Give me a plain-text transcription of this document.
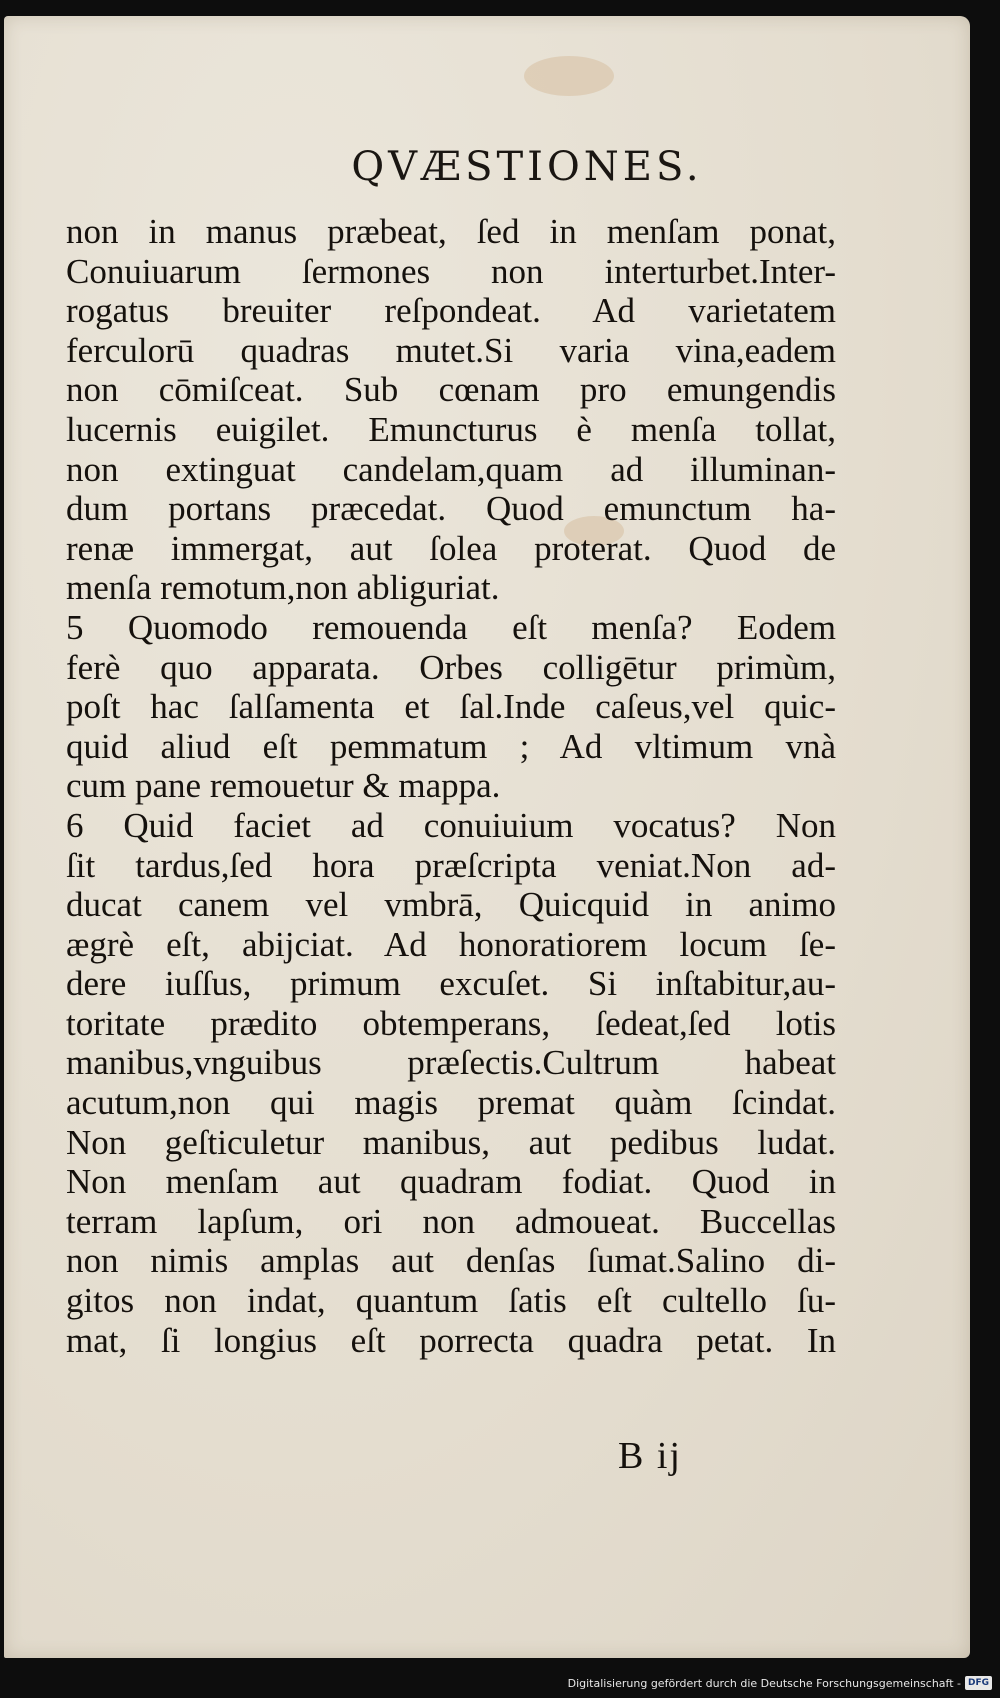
QVÆSTIONES.
non in manus præbeat, ſed in menſam ponat,
Conuiuarum ſermones non interturbet.Inter-
rogatus breuiter reſpondeat. Ad varietatem
ferculorū quadras mutet.Si varia vina,eadem
non cōmiſceat. Sub cœnam pro emungendis
lucernis euigilet. Emuncturus è menſa tollat,
non extinguat candelam,quam ad illuminan-
dum portans præcedat. Quod emunctum ha-
renæ immergat, aut ſolea proterat. Quod de
menſa remotum,non abliguriat.
5 Quomodo remouenda eſt menſa? Eodem
ferè quo apparata. Orbes colligētur primùm,
poſt hac ſalſamenta et ſal.Inde caſeus,vel quic-
quid aliud eſt pemmatum ; Ad vltimum vnà
cum pane remouetur & mappa.
6 Quid faciet ad conuiuium vocatus? Non
ſit tardus,ſed hora præſcripta veniat.Non ad-
ducat canem vel vmbrā, Quicquid in animo
ægrè eſt, abijciat. Ad honoratiorem locum ſe-
dere iuſſus, primum excuſet. Si inſtabitur,au-
toritate prædito obtemperans, ſedeat,ſed lotis
manibus,vnguibus præſectis.Cultrum habeat
acutum,non qui magis premat quàm ſcindat.
Non geſticuletur manibus, aut pedibus ludat.
Non menſam aut quadram fodiat. Quod in
terram lapſum, ori non admoueat. Buccellas
non nimis amplas aut denſas ſumat.Salino di-
gitos non indat, quantum ſatis eſt cultello ſu-
mat, ſi longius eſt porrecta quadra petat. In
B ij
Digitalisierung gefördert durch die Deutsche Forschungsgemeinschaft - DFG
